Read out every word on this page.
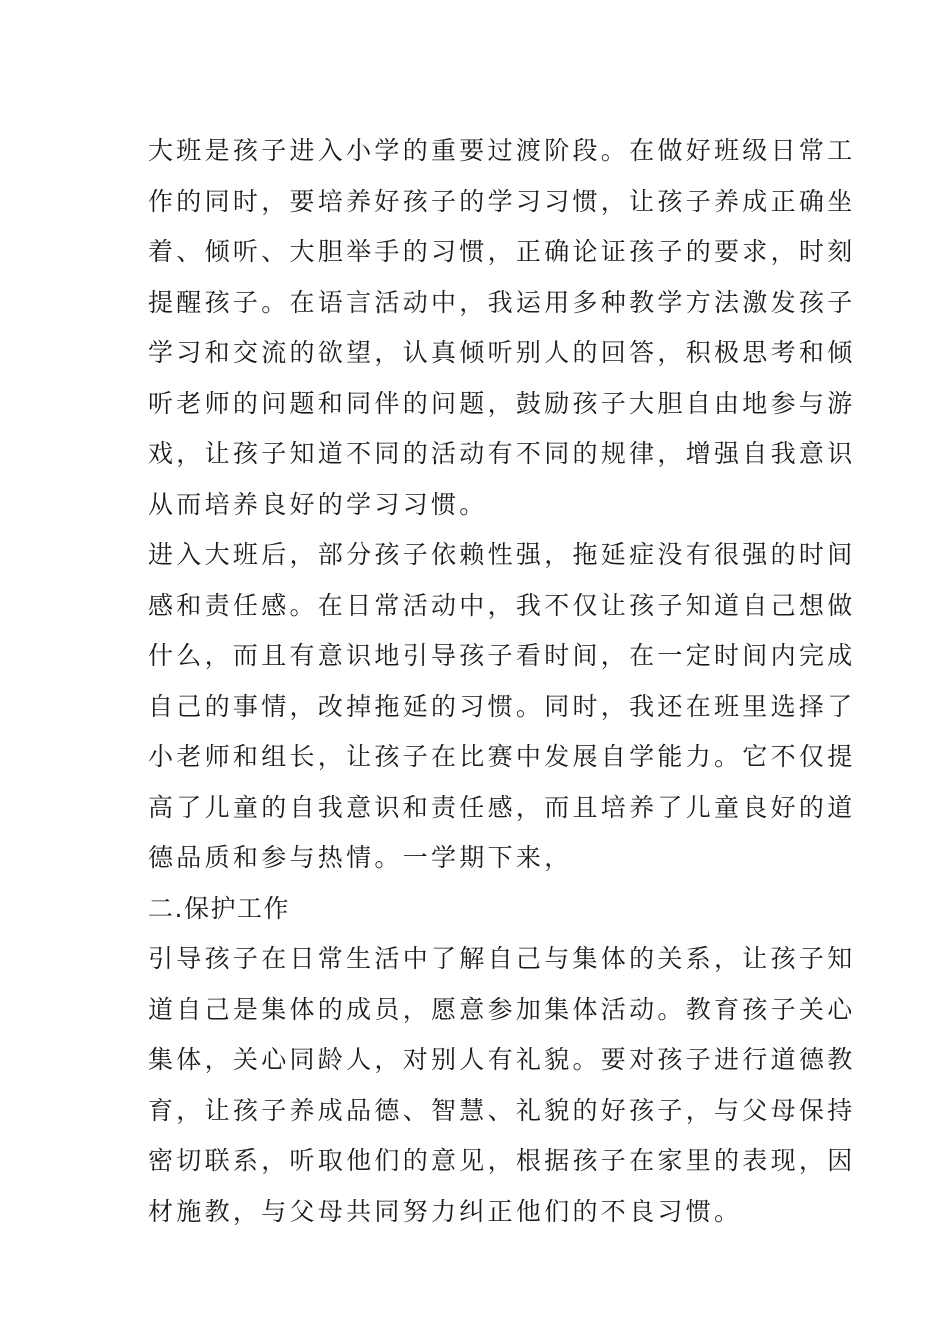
大班是孩子进入小学的重要过渡阶段。在做好班级日常工
作的同时，要培养好孩子的学习习惯，让孩子养成正确坐
着、倾听、大胆举手的习惯，正确论证孩子的要求，时刻
提醒孩子。在语言活动中，我运用多种教学方法激发孩子
学习和交流的欲望，认真倾听别人的回答，积极思考和倾
听老师的问题和同伴的问题，鼓励孩子大胆自由地参与游
戏，让孩子知道不同的活动有不同的规律，增强自我意识
从而培养良好的学习习惯。
进入大班后，部分孩子依赖性强，拖延症没有很强的时间
感和责任感。在日常活动中，我不仅让孩子知道自己想做
什么，而且有意识地引导孩子看时间，在一定时间内完成
自己的事情，改掉拖延的习惯。同时，我还在班里选择了
小老师和组长，让孩子在比赛中发展自学能力。它不仅提
高了儿童的自我意识和责任感，而且培养了儿童良好的道
德品质和参与热情。一学期下来，
二.保护工作
引导孩子在日常生活中了解自己与集体的关系，让孩子知
道自己是集体的成员，愿意参加集体活动。教育孩子关心
集体，关心同龄人，对别人有礼貌。要对孩子进行道德教
育，让孩子养成品德、智慧、礼貌的好孩子，与父母保持
密切联系，听取他们的意见，根据孩子在家里的表现，因
材施教，与父母共同努力纠正他们的不良习惯。
